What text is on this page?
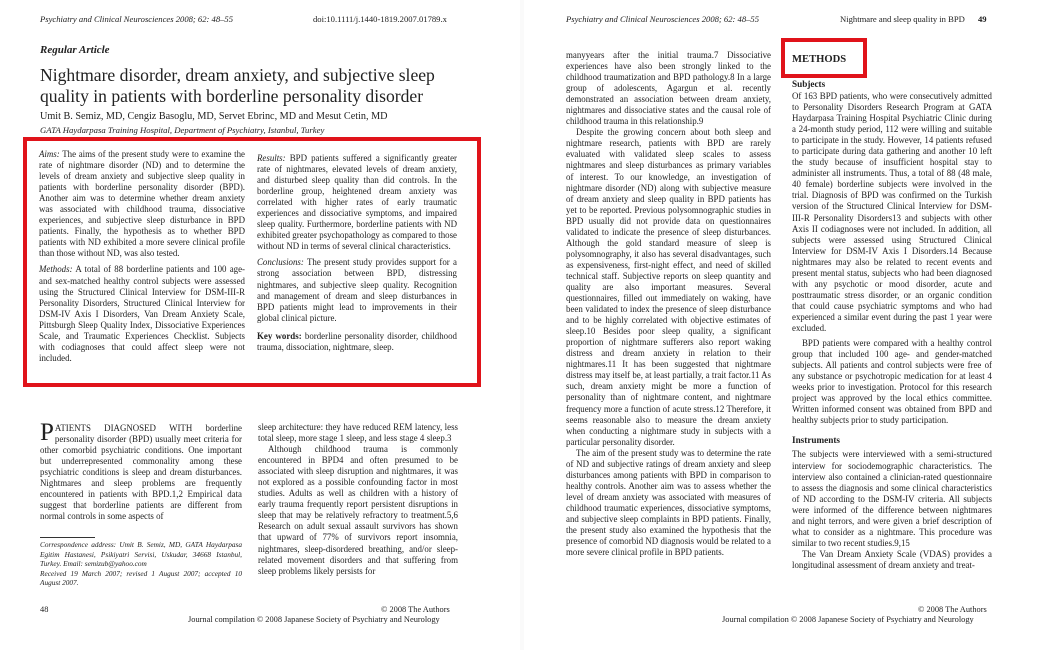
Psychiatry and Clinical Neurosciences 2008; 62: 48–55	doi:10.1111/j.1440-1819.2007.01789.x
Regular Article
Nightmare disorder, dream anxiety, and subjective sleep
quality in patients with borderline personality disorder
Umit B. Semiz, MD, Cengiz Basoglu, MD, Servet Ebrinc, MD and Mesut Cetin, MD
GATA Haydarpasa Training Hospital, Department of Psychiatry, Istanbul, Turkey

Aims: The aims of the present study were to examine the rate of nightmare disorder (ND) and to determine the levels of dream anxiety and subjective sleep quality in patients with borderline personality disorder (BPD). Another aim was to determine whether dream anxiety was associated with childhood trauma, dissociative experiences, and subjective sleep disturbance in BPD patients. Finally, the hypothesis as to whether BPD patients with ND exhibited a more severe clinical profile than those without ND, was also tested.

Methods: A total of 88 borderline patients and 100 age- and sex-matched healthy control subjects were assessed using the Structured Clinical Interview for DSM-III-R Personality Disorders, Structured Clinical Interview for DSM-IV Axis I Disorders, Van Dream Anxiety Scale, Pittsburgh Sleep Quality Index, Dissociative Experiences Scale, and Traumatic Experiences Checklist. Subjects with codiagnoses that could affect sleep were not included.

Results: BPD patients suffered a significantly greater rate of nightmares, elevated levels of dream anxiety, and disturbed sleep quality than did controls. In the borderline group, heightened dream anxiety was correlated with higher rates of early traumatic experiences and dissociative symptoms, and impaired sleep quality. Furthermore, borderline patients with ND exhibited greater psychopathology as compared to those without ND in terms of several clinical characteristics.

Conclusions: The present study provides support for a strong association between BPD, distressing nightmares, and subjective sleep quality. Recognition and management of dream and sleep disturbances in BPD patients might lead to improvements in their global clinical picture.

Key words: borderline personality disorder, childhood trauma, dissociation, nightmare, sleep.

PATIENTS DIAGNOSED WITH borderline personality disorder (BPD) usually meet criteria for other comorbid psychiatric conditions. One important but underrepresented commonality among these psychiatric conditions is sleep and dream disturbances. Nightmares and sleep problems are frequently encountered in patients with BPD.1,2 Empirical data suggest that borderline patients are different from normal controls in some aspects of

Correspondence address: Umit B. Semiz, MD, GATA Haydarpasa Egitim Hastanesi, Psikiyatri Servisi, Uskudar, 34668 Istanbul, Turkey. Email: semizub@yahoo.com
Received 19 March 2007; revised 1 August 2007; accepted 10 August 2007.

sleep architecture: they have reduced REM latency, less total sleep, more stage 1 sleep, and less stage 4 sleep.3

Although childhood trauma is commonly encountered in BPD4 and often presumed to be associated with sleep disruption and nightmares, it was not explored as a possible confounding factor in most studies. Adults as well as children with a history of early trauma frequently report persistent disruptions in sleep that may be relatively refractory to treatment.5,6 Research on adult sexual assault survivors has shown that upward of 77% of survivors report insomnia, nightmares, sleep-disordered breathing, and/or sleep-related movement disorders and that suffering from sleep problems likely persists for

48	© 2008 The Authors
Journal compilation © 2008 Japanese Society of Psychiatry and Neurology
Psychiatry and Clinical Neurosciences 2008; 62: 48–55	Nightmare and sleep quality in BPD 49

manyyears after the initial trauma.7 Dissociative experiences have also been strongly linked to the childhood traumatization and BPD pathology.8 In a large group of adolescents, Agargun et al. recently demonstrated an association between dream anxiety, nightmares and dissociative states and the causal role of childhood trauma in this relationship.9

Despite the growing concern about both sleep and nightmare research, patients with BPD are rarely evaluated with validated sleep scales to assess nightmares and sleep disturbances as primary variables of interest. To our knowledge, an investigation of nightmare disorder (ND) along with subjective measure of dream anxiety and sleep quality in BPD patients has yet to be reported. Previous polysomnographic studies in BPD usually did not provide data on questionnaires validated to indicate the presence of sleep disturbances. Although the gold standard measure of sleep is polysomnography, it also has several disadvantages, such as expensiveness, first-night effect, and need of skilled technical staff. Subjective reports on sleep quantity and quality are also important measures. Several questionnaires, filled out immediately on waking, have been validated to index the presence of sleep disturbance and to be highly correlated with objective estimates of sleep.10 Besides poor sleep quality, a significant proportion of nightmare sufferers also report waking distress and dream anxiety in relation to their nightmares.11 It has been suggested that nightmare distress may itself be, at least partially, a trait factor.11 As such, dream anxiety might be more a function of personality than of nightmare content, and nightmare frequency more a function of acute stress.12 Therefore, it seems reasonable also to measure the dream anxiety when conducting a nightmare study in subjects with a particular personality disorder.

The aim of the present study was to determine the rate of ND and subjective ratings of dream anxiety and sleep disturbances among patients with BPD in comparison to healthy controls. Another aim was to assess whether the level of dream anxiety was associated with measures of childhood traumatic experiences, dissociative symptoms, and subjective sleep complaints in BPD patients. Finally, the present study also examined the hypothesis that the presence of comorbid ND diagnosis would be related to a more severe clinical profile in BPD patients.

METHODS
Subjects

Of 163 BPD patients, who were consecutively admitted to Personality Disorders Research Program at GATA Haydarpasa Training Hospital Psychiatric Clinic during a 24-month study period, 112 were willing and suitable to participate in the study. However, 14 patients refused to participate during data gathering and another 10 left the study because of insufficient hospital stay to administer all instruments. Thus, a total of 88 (48 male, 40 female) borderline subjects were involved in the trial. Diagnosis of BPD was confirmed on the Turkish version of the Structured Clinical Interview for DSM-III-R Personality Disorders13 and subjects with other Axis II codiagnoses were not included. In addition, all subjects were assessed using Structured Clinical Interview for DSM-IV Axis I Disorders.14 Because nightmares may also be related to recent events and present mental status, subjects who had been diagnosed with any psychotic or mood disorder, acute and posttraumatic stress disorder, or an organic condition that could cause psychiatric symptoms and who had experienced a similar event during the past 1 year were excluded.

BPD patients were compared with a healthy control group that included 100 age- and gender-matched subjects. All patients and control subjects were free of any substance or psychotropic medication for at least 4 weeks prior to investigation. Protocol for this research project was approved by the local ethics committee. Written informed consent was obtained from BPD and healthy subjects prior to study participation.

Instruments

The subjects were interviewed with a semi-structured interview for sociodemographic characteristics. The interview also contained a clinician-rated questionnaire to assess the diagnosis and some clinical characteristics of ND according to the DSM-IV criteria. All subjects were informed of the difference between nightmares and night terrors, and were given a brief description of what to consider as a nightmare. This procedure was similar to two recent studies.9,15

The Van Dream Anxiety Scale (VDAS) provides a longitudinal assessment of dream anxiety and treat-

© 2008 The Authors
Journal compilation © 2008 Japanese Society of Psychiatry and Neurology
